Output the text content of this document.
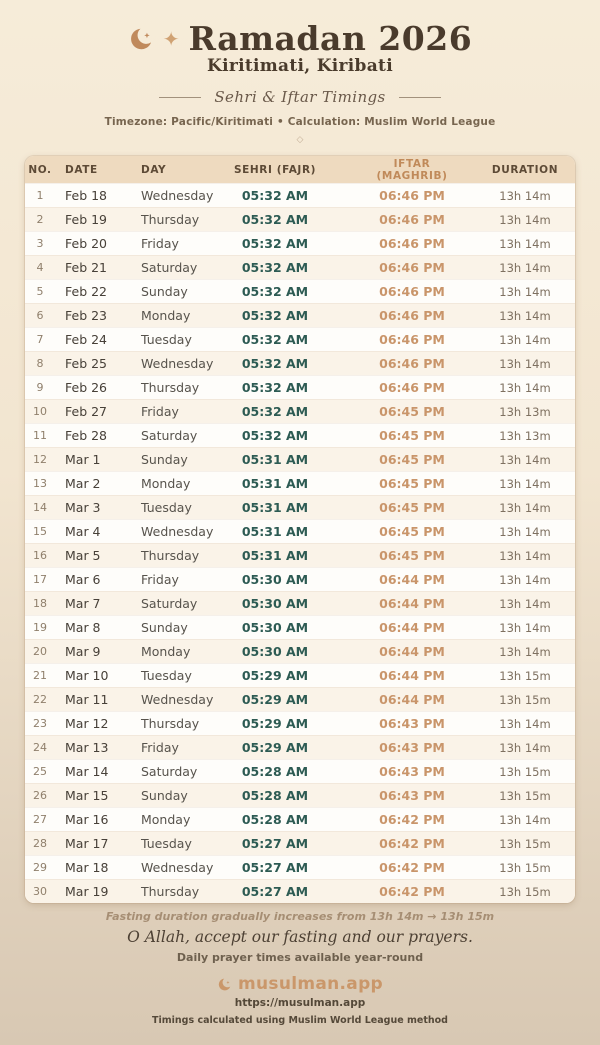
✦ Ramadan 2026
Kiritimati, Kiribati
Sehri & Iftar Timings
Timezone: Pacific/Kiritimati • Calculation: Muslim World League
◇
NO.	DATE	DAY	SEHRI (FAJR)	IFTAR (MAGHRIB)	DURATION
1	Feb 18	Wednesday	05:32 AM	06:46 PM	13h 14m
2	Feb 19	Thursday	05:32 AM	06:46 PM	13h 14m
3	Feb 20	Friday	05:32 AM	06:46 PM	13h 14m
4	Feb 21	Saturday	05:32 AM	06:46 PM	13h 14m
5	Feb 22	Sunday	05:32 AM	06:46 PM	13h 14m
6	Feb 23	Monday	05:32 AM	06:46 PM	13h 14m
7	Feb 24	Tuesday	05:32 AM	06:46 PM	13h 14m
8	Feb 25	Wednesday	05:32 AM	06:46 PM	13h 14m
9	Feb 26	Thursday	05:32 AM	06:46 PM	13h 14m
10	Feb 27	Friday	05:32 AM	06:45 PM	13h 13m
11	Feb 28	Saturday	05:32 AM	06:45 PM	13h 13m
12	Mar 1	Sunday	05:31 AM	06:45 PM	13h 14m
13	Mar 2	Monday	05:31 AM	06:45 PM	13h 14m
14	Mar 3	Tuesday	05:31 AM	06:45 PM	13h 14m
15	Mar 4	Wednesday	05:31 AM	06:45 PM	13h 14m
16	Mar 5	Thursday	05:31 AM	06:45 PM	13h 14m
17	Mar 6	Friday	05:30 AM	06:44 PM	13h 14m
18	Mar 7	Saturday	05:30 AM	06:44 PM	13h 14m
19	Mar 8	Sunday	05:30 AM	06:44 PM	13h 14m
20	Mar 9	Monday	05:30 AM	06:44 PM	13h 14m
21	Mar 10	Tuesday	05:29 AM	06:44 PM	13h 15m
22	Mar 11	Wednesday	05:29 AM	06:44 PM	13h 15m
23	Mar 12	Thursday	05:29 AM	06:43 PM	13h 14m
24	Mar 13	Friday	05:29 AM	06:43 PM	13h 14m
25	Mar 14	Saturday	05:28 AM	06:43 PM	13h 15m
26	Mar 15	Sunday	05:28 AM	06:43 PM	13h 15m
27	Mar 16	Monday	05:28 AM	06:42 PM	13h 14m
28	Mar 17	Tuesday	05:27 AM	06:42 PM	13h 15m
29	Mar 18	Wednesday	05:27 AM	06:42 PM	13h 15m
30	Mar 19	Thursday	05:27 AM	06:42 PM	13h 15m
Fasting duration gradually increases from 13h 14m → 13h 15m
O Allah, accept our fasting and our prayers.
Daily prayer times available year-round
musulman.app
https://musulman.app
Timings calculated using Muslim World League method
